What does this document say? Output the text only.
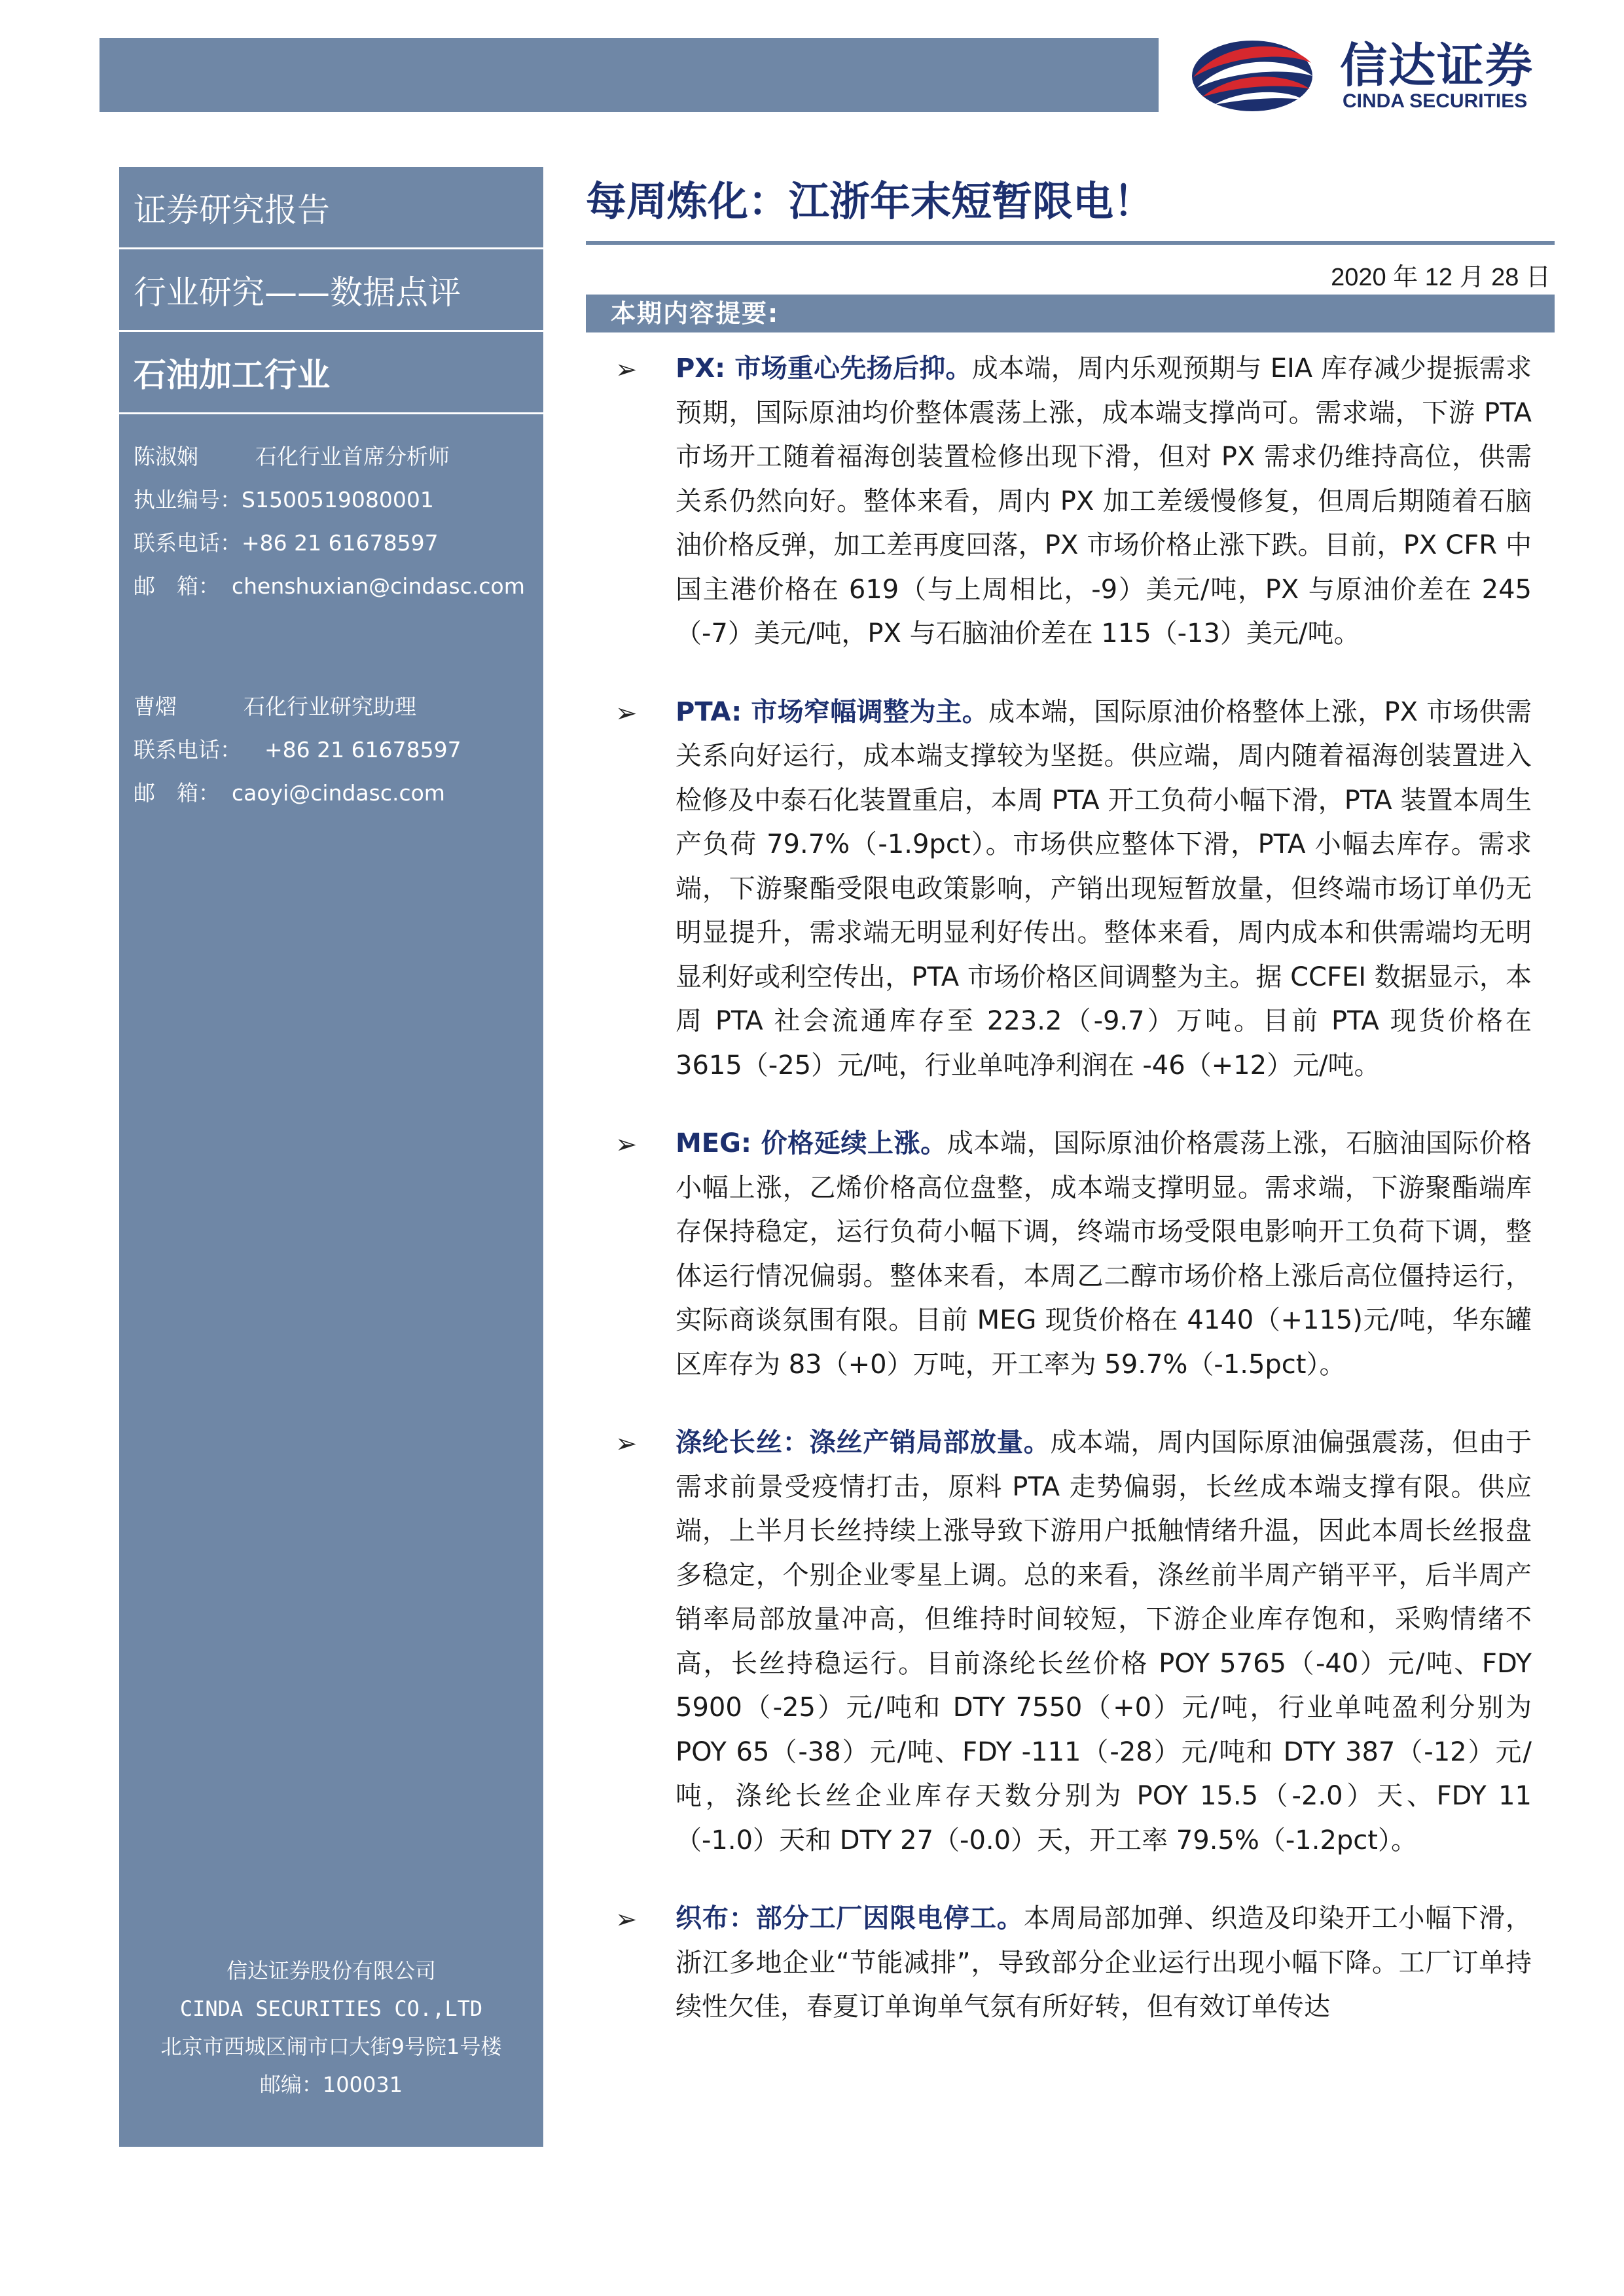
信达证券
CINDA SECURITIES
证券研究报告
行业研究——数据点评
石油加工行业
陈淑娴	石化行业首席分析师
执业编号： S1500519080001
联系电话： +86 21 61678597
邮　箱： chenshuxian@cindasc.com
曹熠	石化行业研究助理
联系电话：	+86 21 61678597
邮　箱： caoyi@cindasc.com
信达证券股份有限公司
CINDA SECURITIES CO.,LTD
北京市西城区闹市口大街9号院1号楼
邮编：100031
每周炼化：江浙年末短暂限电！
2020 年 12 月 28 日
本期内容提要:
➢ PX: 市场重心先扬后抑。成本端，周内乐观预期与 EIA 库存减少提振需求预期，国际原油均价整体震荡上涨，成本端支撑尚可。需求端，下游 PTA 市场开工随着福海创装置检修出现下滑，但对 PX 需求仍维持高位，供需关系仍然向好。整体来看，周内 PX 加工差缓慢修复，但周后期随着石脑油价格反弹，加工差再度回落，PX 市场价格止涨下跌。目前，PX CFR 中国主港价格在 619（与上周相比，-9）美元/吨，PX 与原油价差在 245（-7）美元/吨，PX 与石脑油价差在 115（-13）美元/吨。
➢ PTA: 市场窄幅调整为主。成本端，国际原油价格整体上涨，PX 市场供需关系向好运行，成本端支撑较为坚挺。供应端，周内随着福海创装置进入检修及中泰石化装置重启，本周 PTA 开工负荷小幅下滑，PTA 装置本周生产负荷 79.7%（-1.9pct）。市场供应整体下滑，PTA 小幅去库存。需求端，下游聚酯受限电政策影响，产销出现短暂放量，但终端市场订单仍无明显提升，需求端无明显利好传出。整体来看，周内成本和供需端均无明显利好或利空传出，PTA 市场价格区间调整为主。据 CCFEI 数据显示，本周 PTA 社会流通库存至 223.2（-9.7）万吨。目前 PTA 现货价格在 3615（-25）元/吨，行业单吨净利润在 -46（+12）元/吨。
➢ MEG: 价格延续上涨。成本端，国际原油价格震荡上涨，石脑油国际价格小幅上涨，乙烯价格高位盘整，成本端支撑明显。需求端，下游聚酯端库存保持稳定，运行负荷小幅下调，终端市场受限电影响开工负荷下调，整体运行情况偏弱。整体来看，本周乙二醇市场价格上涨后高位僵持运行，实际商谈氛围有限。目前 MEG 现货价格在 4140（+115)元/吨，华东罐区库存为 83（+0）万吨，开工率为 59.7%（-1.5pct）。
➢ 涤纶长丝：涤丝产销局部放量。成本端，周内国际原油偏强震荡，但由于需求前景受疫情打击，原料 PTA 走势偏弱，长丝成本端支撑有限。供应端，上半月长丝持续上涨导致下游用户抵触情绪升温，因此本周长丝报盘多稳定，个别企业零星上调。总的来看，涤丝前半周产销平平，后半周产销率局部放量冲高，但维持时间较短，下游企业库存饱和，采购情绪不高，长丝持稳运行。目前涤纶长丝价格 POY 5765（-40）元/吨、FDY 5900（-25）元/吨和 DTY 7550（+0）元/吨，行业单吨盈利分别为 POY 65（-38）元/吨、FDY -111（-28）元/吨和 DTY 387（-12）元/吨，涤纶长丝企业库存天数分别为 POY 15.5（-2.0）天、FDY 11（-1.0）天和 DTY 27（-0.0）天，开工率 79.5%（-1.2pct）。
➢ 织布：部分工厂因限电停工。本周局部加弹、织造及印染开工小幅下滑，浙江多地企业“节能减排”，导致部分企业运行出现小幅下降。工厂订单持续性欠佳，春夏订单询单气氛有所好转，但有效订单传达
